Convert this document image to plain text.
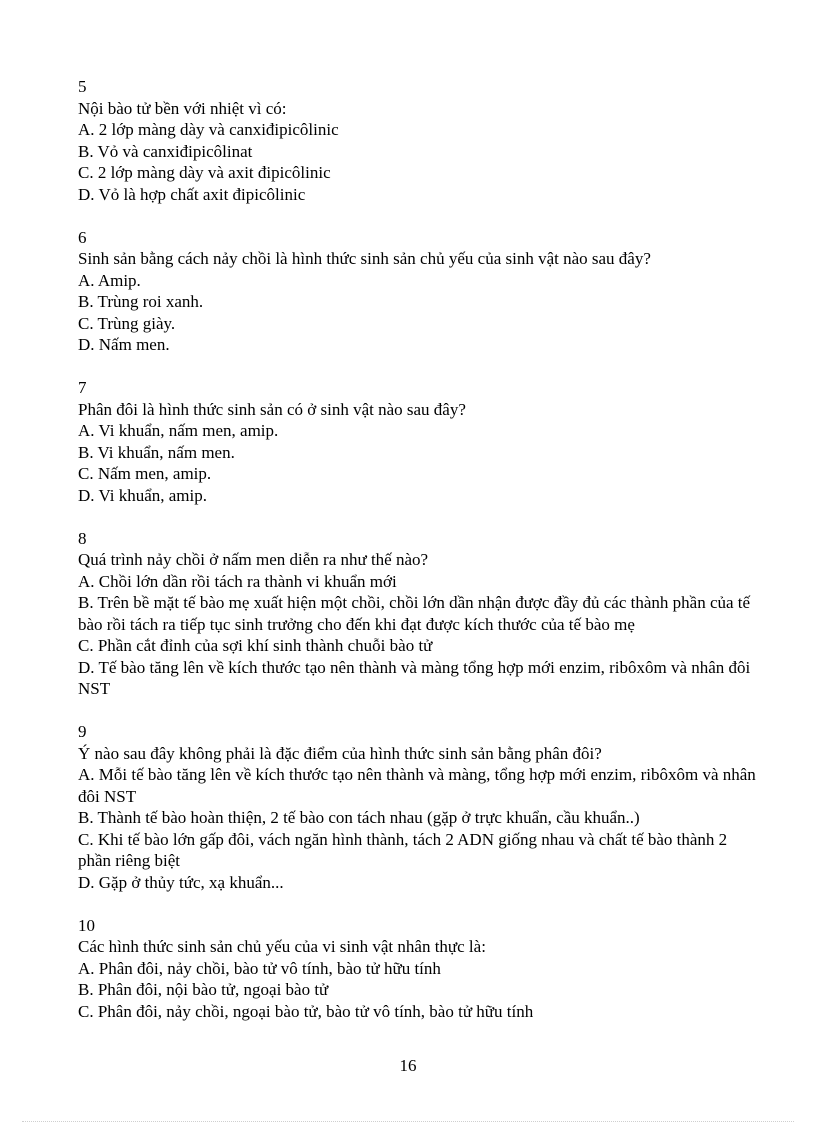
5
Nội bào tử bền với nhiệt vì có:
A. 2 lớp màng dày và canxiđipicôlinic
B. Vỏ và canxiđipicôlinat
C. 2 lớp màng dày và axit đipicôlinic
D. Vỏ là hợp chất axit đipicôlinic
6
Sinh sản bằng cách nảy chồi là hình thức sinh sản chủ yếu của sinh vật nào sau đây?
A. Amip.
B. Trùng roi xanh.
C. Trùng giày.
D. Nấm men.
7
Phân đôi là hình thức sinh sản có ở sinh vật nào sau đây?
A. Vi khuẩn, nấm men, amip.
B. Vi khuẩn, nấm men.
C. Nấm men, amip.
D. Vi khuẩn, amip.
8
Quá trình nảy chồi ở nấm men diễn ra như thế nào?
A. Chồi lớn dần rồi tách ra thành vi khuẩn mới
B. Trên bề mặt tế bào mẹ xuất hiện một chồi, chồi lớn dần nhận được đầy đủ các thành phần của tế bào rồi tách ra tiếp tục sinh trưởng cho đến khi đạt được kích thước của tế bào mẹ
C. Phần cắt đỉnh của sợi khí sinh thành chuỗi bào tử
D. Tế bào tăng lên về kích thước tạo nên thành và màng tổng hợp mới enzim, ribôxôm và nhân đôi NST
9
Ý nào sau đây không phải là đặc điểm của hình thức sinh sản bằng phân đôi?
A. Mỗi tế bào tăng lên về kích thước tạo nên thành và màng, tổng hợp mới enzim, ribôxôm và nhân đôi NST
B. Thành tế bào hoàn thiện, 2 tế bào con tách nhau (gặp ở trực khuẩn, cầu khuẩn..)
C. Khi tế bào lớn gấp đôi, vách ngăn hình thành, tách 2 ADN giống nhau và chất tế bào thành 2 phần riêng biệt
D. Gặp ở thủy tức, xạ khuẩn...
10
Các hình thức sinh sản chủ yếu của vi sinh vật nhân thực là:
A. Phân đôi, nảy chồi, bào tử vô tính, bào tử hữu tính
B. Phân đôi, nội bào tử, ngoại bào tử
C. Phân đôi, nảy chồi, ngoại bào tử, bào tử vô tính, bào tử hữu tính
16
